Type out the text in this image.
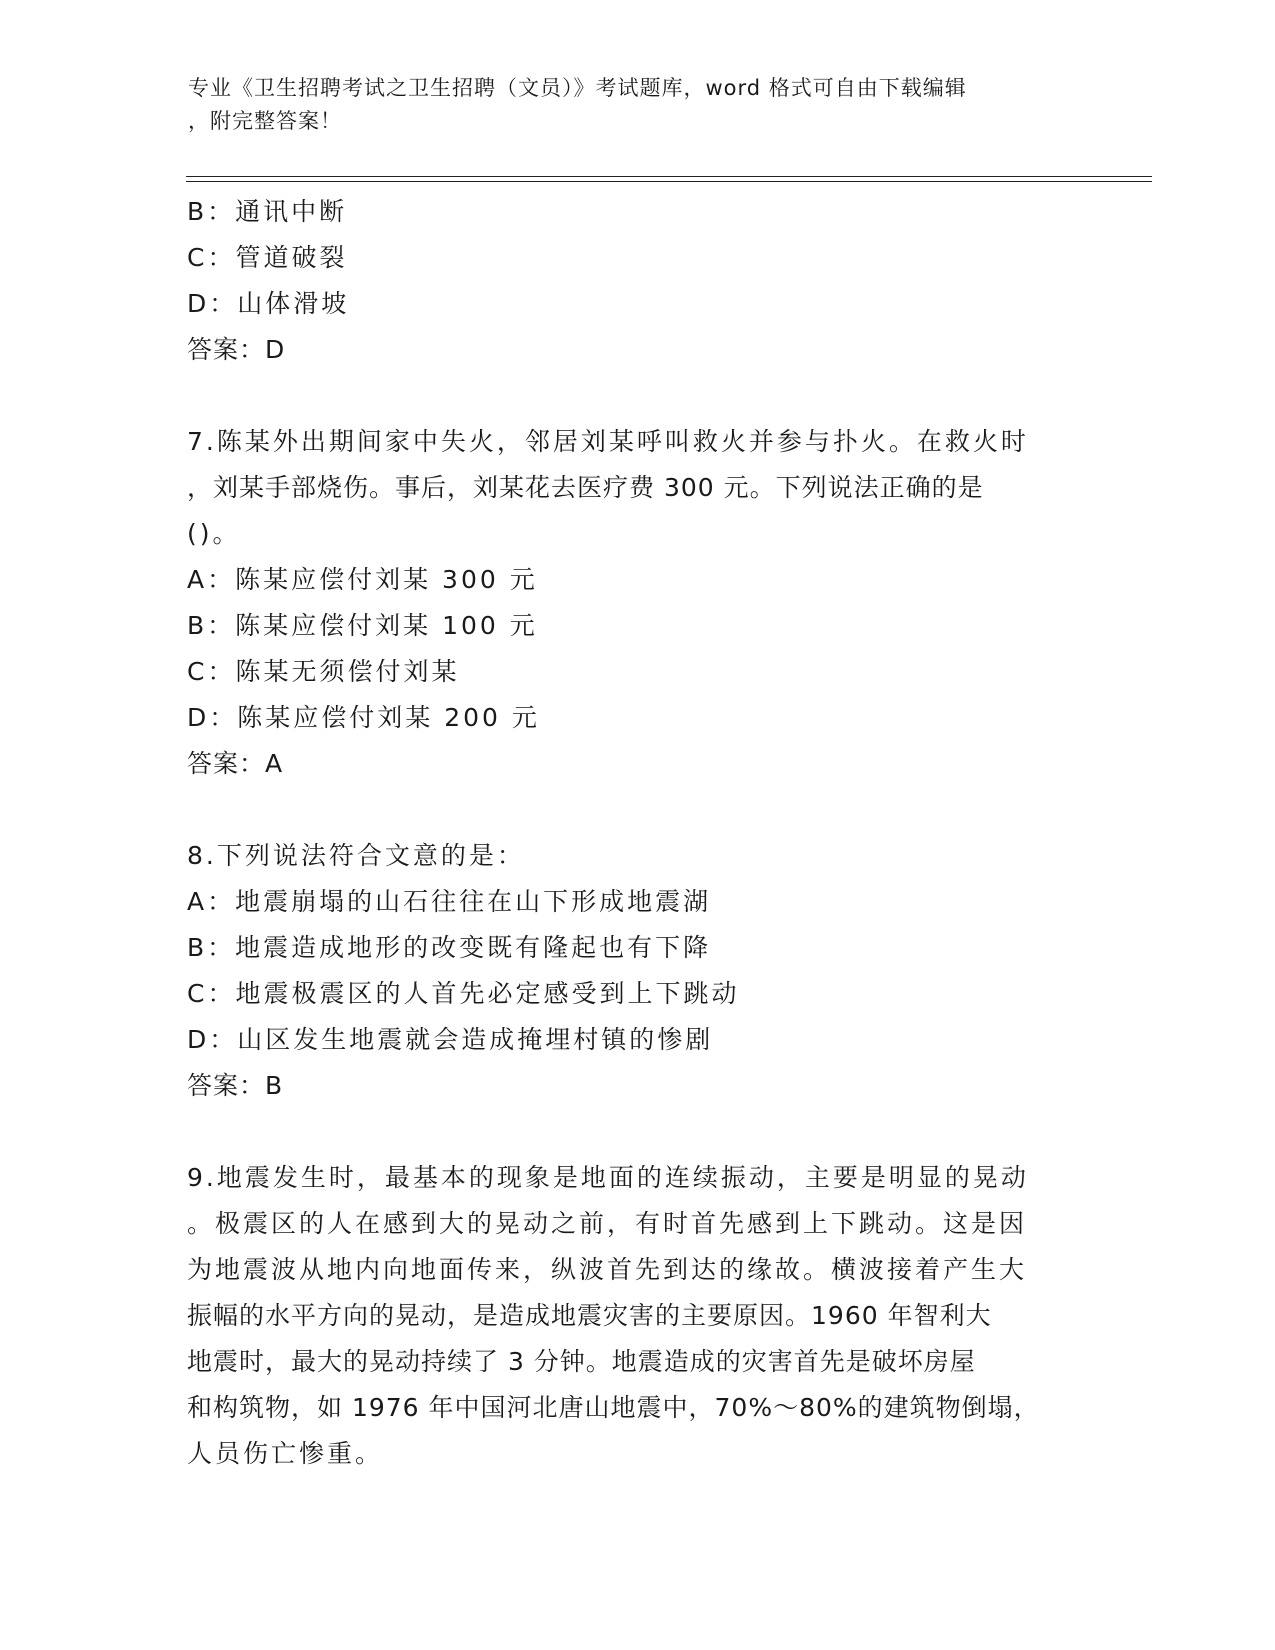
专业《卫生招聘考试之卫生招聘（文员）》考试题库，word 格式可自由下载编辑
，附完整答案！
B：通讯中断
C：管道破裂
D：山体滑坡
答案：D
7.陈某外出期间家中失火，邻居刘某呼叫救火并参与扑火。在救火时
，刘某手部烧伤。事后，刘某花去医疗费 300 元。下列说法正确的是
()。
A：陈某应偿付刘某 300 元
B：陈某应偿付刘某 100 元
C：陈某无须偿付刘某
D：陈某应偿付刘某 200 元
答案：A
8.下列说法符合文意的是：
A：地震崩塌的山石往往在山下形成地震湖
B：地震造成地形的改变既有隆起也有下降
C：地震极震区的人首先必定感受到上下跳动
D：山区发生地震就会造成掩埋村镇的惨剧
答案：B
9.地震发生时，最基本的现象是地面的连续振动，主要是明显的晃动
。极震区的人在感到大的晃动之前，有时首先感到上下跳动。这是因
为地震波从地内向地面传来，纵波首先到达的缘故。横波接着产生大
振幅的水平方向的晃动，是造成地震灾害的主要原因。1960 年智利大
地震时，最大的晃动持续了 3 分钟。地震造成的灾害首先是破坏房屋
和构筑物，如 1976 年中国河北唐山地震中，70%～80%的建筑物倒塌，
人员伤亡惨重。
